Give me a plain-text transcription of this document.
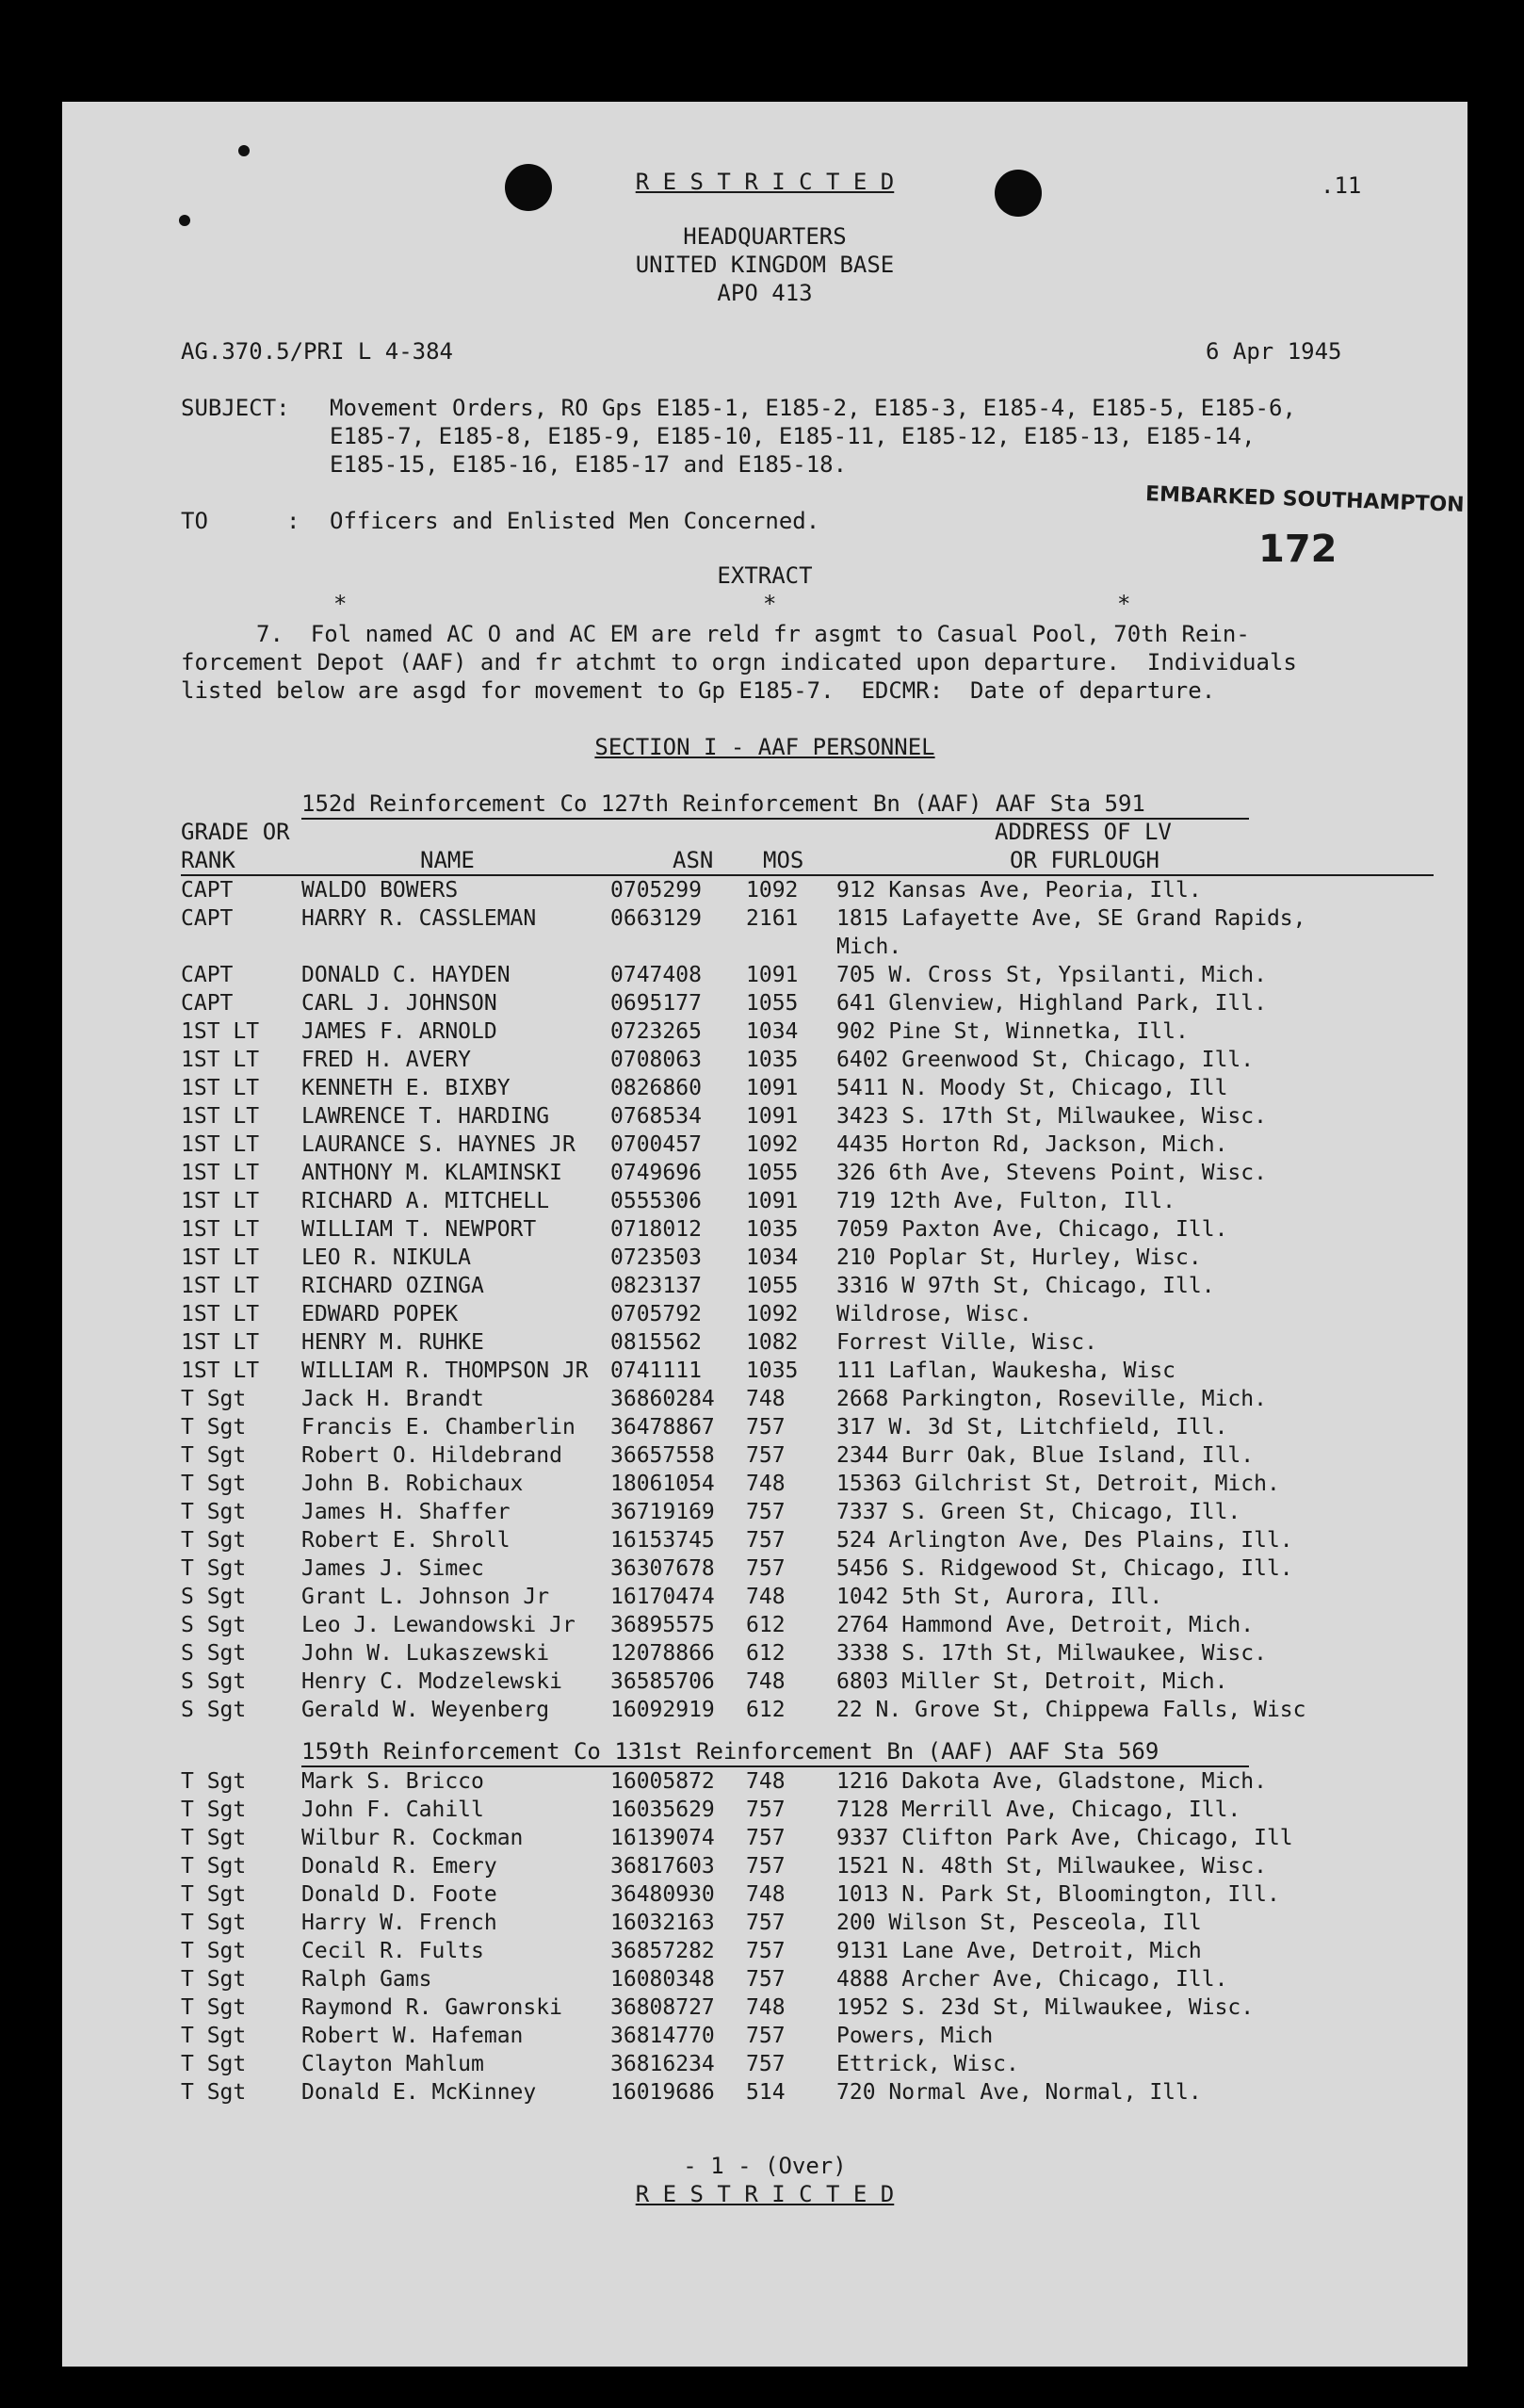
R E S T R I C T E D	.11
HEADQUARTERS
UNITED KINGDOM BASE
APO 413
AG.370.5/PRI L 4-384	6 Apr 1945
SUBJECT: Movement Orders, RO Gps E185-1, E185-2, E185-3, E185-4, E185-5, E185-6,
E185-7, E185-8, E185-9, E185-10, E185-11, E185-12, E185-13, E185-14,
E185-15, E185-16, E185-17 and E185-18.
TO	: Officers and Enlisted Men Concerned.
EMBARKED SOUTHAMPTON
172
EXTRACT
*	*	*
7.  Fol named AC O and AC EM are reld fr asgmt to Casual Pool, 70th Rein-
forcement Depot (AAF) and fr atchmt to orgn indicated upon departure.  Individuals
listed below are asgd for movement to Gp E185-7.  EDCMR:  Date of departure.
SECTION I - AAF PERSONNEL
152d Reinforcement Co 127th Reinforcement Bn (AAF) AAF Sta 591
GRADE OR
RANK	NAME	ASN MOS
ADDRESS OF LV
OR FURLOUGH
CAPT	WALDO BOWERS	0705299 1092 912 Kansas Ave, Peoria, Ill.
CAPT	HARRY R. CASSLEMAN	0663129 2161 1815 Lafayette Ave, SE Grand Rapids,
Mich.
CAPT	DONALD C. HAYDEN	0747408 1091 705 W. Cross St, Ypsilanti, Mich.
CAPT	CARL J. JOHNSON	0695177 1055 641 Glenview, Highland Park, Ill.
1ST LT JAMES F. ARNOLD	0723265 1034 902 Pine St, Winnetka, Ill.
1ST LT FRED H. AVERY	0708063 1035 6402 Greenwood St, Chicago, Ill.
1ST LT KENNETH E. BIXBY	0826860 1091 5411 N. Moody St, Chicago, Ill
1ST LT LAWRENCE T. HARDING	0768534 1091 3423 S. 17th St, Milwaukee, Wisc.
1ST LT LAURANCE S. HAYNES JR 0700457 1092 4435 Horton Rd, Jackson, Mich.
1ST LT ANTHONY M. KLAMINSKI 0749696 1055 326 6th Ave, Stevens Point, Wisc.
1ST LT RICHARD A. MITCHELL	0555306 1091 719 12th Ave, Fulton, Ill.
1ST LT WILLIAM T. NEWPORT	0718012 1035 7059 Paxton Ave, Chicago, Ill.
1ST LT LEO R. NIKULA	0723503 1034 210 Poplar St, Hurley, Wisc.
1ST LT RICHARD OZINGA	0823137 1055 3316 W 97th St, Chicago, Ill.
1ST LT EDWARD POPEK	0705792 1092 Wildrose, Wisc.
1ST LT HENRY M. RUHKE	0815562 1082 Forrest Ville, Wisc.
1ST LT WILLIAM R. THOMPSON JR 0741111 1035 111 Laflan, Waukesha, Wisc
T Sgt	Jack H. Brandt	36860284 748 2668 Parkington, Roseville, Mich.
T Sgt	Francis E. Chamberlin 36478867 757 317 W. 3d St, Litchfield, Ill.
T Sgt	Robert O. Hildebrand 36657558 757 2344 Burr Oak, Blue Island, Ill.
T Sgt	John B. Robichaux	18061054 748 15363 Gilchrist St, Detroit, Mich.
T Sgt	James H. Shaffer	36719169 757 7337 S. Green St, Chicago, Ill.
T Sgt	Robert E. Shroll	16153745 757 524 Arlington Ave, Des Plains, Ill.
T Sgt	James J. Simec	36307678 757 5456 S. Ridgewood St, Chicago, Ill.
S Sgt	Grant L. Johnson Jr	16170474 748 1042 5th St, Aurora, Ill.
S Sgt	Leo J. Lewandowski Jr 36895575 612 2764 Hammond Ave, Detroit, Mich.
S Sgt	John W. Lukaszewski	12078866 612 3338 S. 17th St, Milwaukee, Wisc.
S Sgt	Henry C. Modzelewski 36585706 748 6803 Miller St, Detroit, Mich.
S Sgt	Gerald W. Weyenberg	16092919 612 22 N. Grove St, Chippewa Falls, Wisc
159th Reinforcement Co 131st Reinforcement Bn (AAF) AAF Sta 569
T Sgt	Mark S. Bricco	16005872 748 1216 Dakota Ave, Gladstone, Mich.
T Sgt	John F. Cahill	16035629 757 7128 Merrill Ave, Chicago, Ill.
T Sgt	Wilbur R. Cockman	16139074 757 9337 Clifton Park Ave, Chicago, Ill
T Sgt	Donald R. Emery	36817603 757 1521 N. 48th St, Milwaukee, Wisc.
T Sgt	Donald D. Foote	36480930 748 1013 N. Park St, Bloomington, Ill.
T Sgt	Harry W. French	16032163 757 200 Wilson St, Pesceola, Ill
T Sgt	Cecil R. Fults	36857282 757 9131 Lane Ave, Detroit, Mich
T Sgt	Ralph Gams	16080348 757 4888 Archer Ave, Chicago, Ill.
T Sgt	Raymond R. Gawronski 36808727 748 1952 S. 23d St, Milwaukee, Wisc.
T Sgt	Robert W. Hafeman	36814770 757 Powers, Mich
T Sgt	Clayton Mahlum	36816234 757 Ettrick, Wisc.
T Sgt	Donald E. McKinney	16019686 514 720 Normal Ave, Normal, Ill.
- 1 - (Over)
R E S T R I C T E D
